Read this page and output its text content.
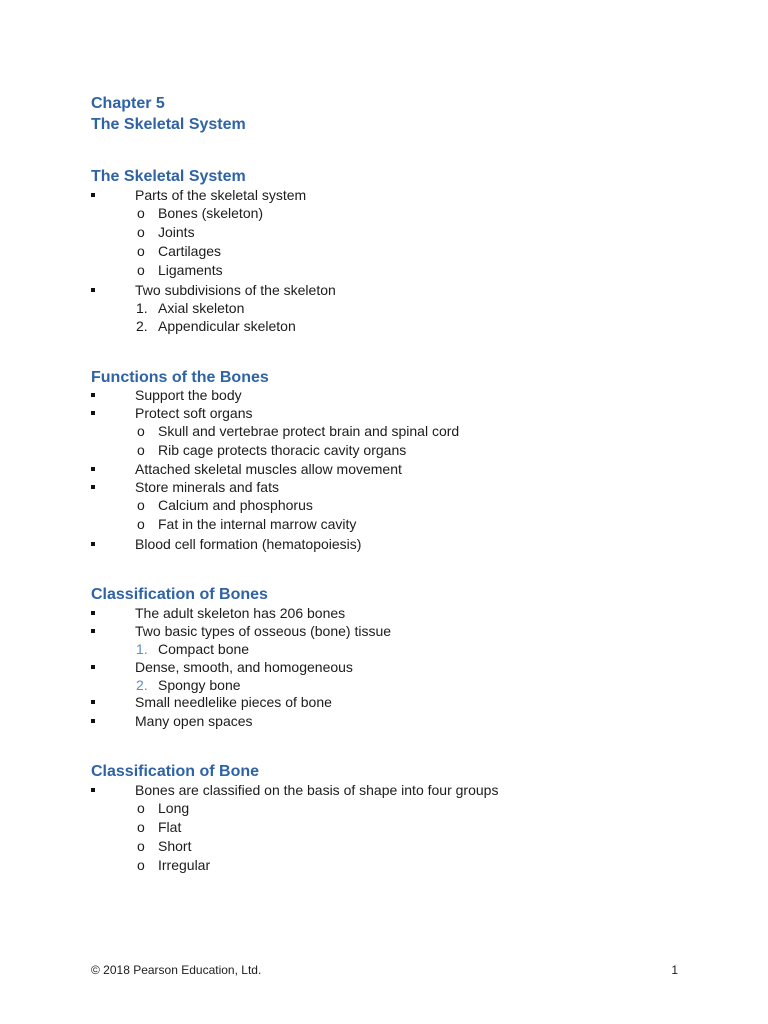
Chapter 5
The Skeletal System
The Skeletal System
Parts of the skeletal system
o Bones (skeleton)
o Joints
o Cartilages
o Ligaments
Two subdivisions of the skeleton
1. Axial skeleton
2. Appendicular skeleton
Functions of the Bones
Support the body
Protect soft organs
o Skull and vertebrae protect brain and spinal cord
o Rib cage protects thoracic cavity organs
Attached skeletal muscles allow movement
Store minerals and fats
o Calcium and phosphorus
o Fat in the internal marrow cavity
Blood cell formation (hematopoiesis)
Classification of Bones
The adult skeleton has 206 bones
Two basic types of osseous (bone) tissue
1. Compact bone
Dense, smooth, and homogeneous
2. Spongy bone
Small needlelike pieces of bone
Many open spaces
Classification of Bone
Bones are classified on the basis of shape into four groups
o Long
o Flat
o Short
o Irregular
© 2018 Pearson Education, Ltd.	1
